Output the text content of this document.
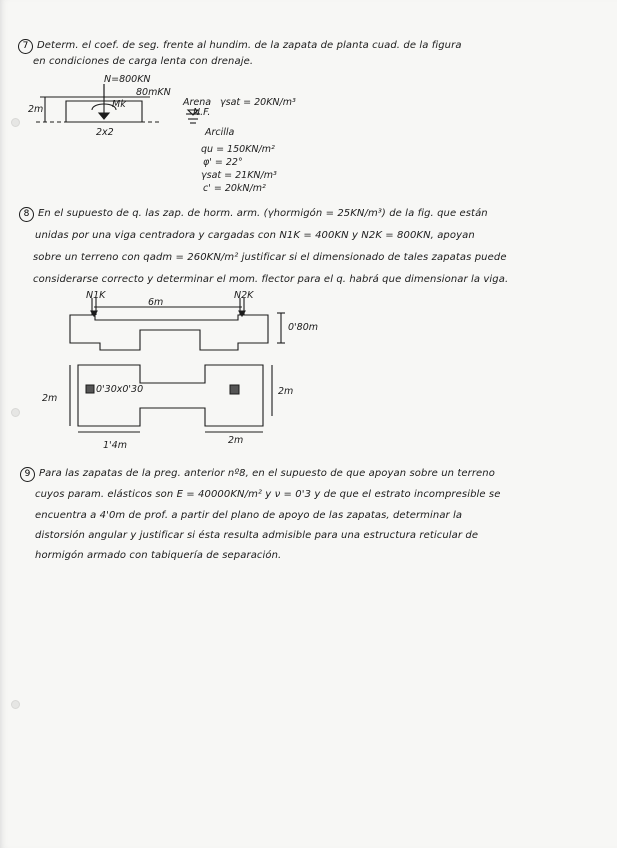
7 Determ. el coef. de seg. frente al hundim. de la zapata de planta cuad. de la figura
en condiciones de carga lenta con drenaje.
N=800KN
80mKN
Mk
2m
2x2
Arena γsat = 20KN/m³
N.F.
Arcilla
qu = 150KN/m²
φ' = 22°
γsat = 21KN/m³
c' = 20kN/m²
8 En el supuesto de q. las zap. de horm. arm. (γhormigón = 25KN/m³) de la fig. que están
unidas por una viga centradora y cargadas con N1K = 400KN y N2K = 800KN, apoyan
sobre un terreno con qadm = 260KN/m² justificar si el dimensionado de tales zapatas puede
considerarse correcto y determinar el mom. flector para el q. habrá que dimensionar la viga.
N1K	N2K
6m
0'80m
2m
2m
0'30x0'30
1'4m	2m
9 Para las zapatas de la preg. anterior nº8, en el supuesto de que apoyan sobre un terreno
cuyos param. elásticos son E = 40000KN/m² y ν = 0'3 y de que el estrato incompresible se
encuentra a 4'0m de prof. a partir del plano de apoyo de las zapatas, determinar la
distorsión angular y justificar si ésta resulta admisible para una estructura reticular de
hormigón armado con tabiquería de separación.
